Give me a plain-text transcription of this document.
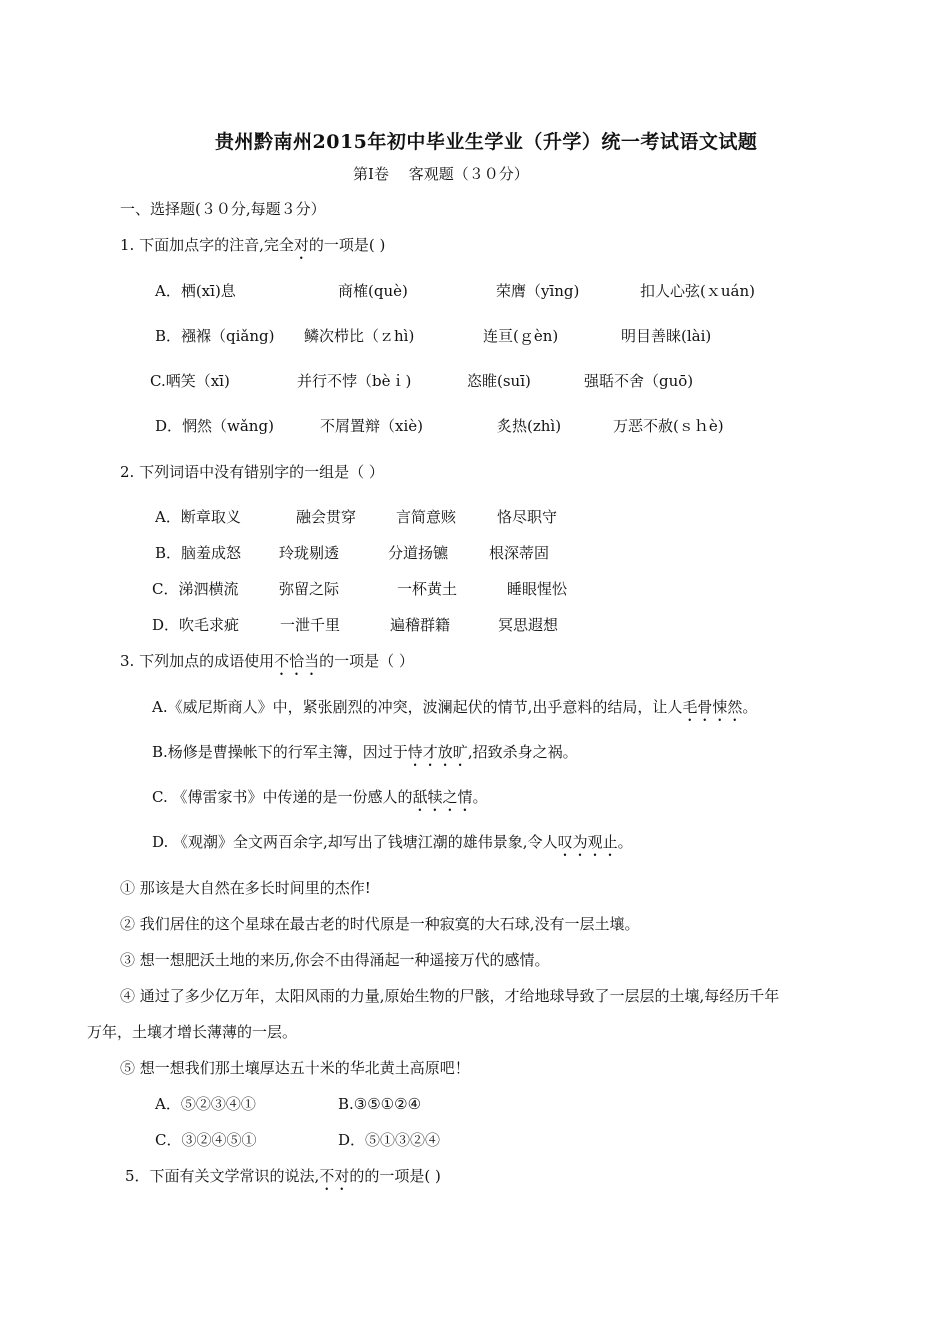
贵州黔南州2015年初中毕业生学业（升学）统一考试语文试题
第Ⅰ卷　 客观题（３０分）
一、选择题(３０分,每题３分）
1. 下面加点字的注音,完全对的一项是( )
A．栖(xī)息	商榷(què)	荣膺（yīng)	扣人心弦(ｘuán)
B．襁褓（qiǎng) 鳞次栉比（ｚhì)	连亘(ｇèn)	明目善睐(lài)
C.哂笑（xī)	并行不悖（bèｉ)	恣睢(suī)	强聒不舍（guō)
D．惘然（wǎng)	不屑置辩（xiè)	炙热(zhì)	万恶不赦(ｓｈè)
2. 下列词语中没有错别字的一组是（ ）
A．断章取义	融会贯穿	言简意赅	恪尽职守
B．脑羞成怒	玲珑剔透	分道扬镳	根深蒂固
C．涕泗横流	弥留之际	一杯黄土	睡眼惺忪
D．吹毛求疵	一泄千里	遍稽群籍	冥思遐想
3. 下列加点的成语使用不恰当的一项是（ ）
A.《威尼斯商人》中，紧张剧烈的冲突，波澜起伏的情节,出乎意料的结局，让人毛骨悚然。
B.杨修是曹操帐下的行军主簿，因过于恃才放旷,招致杀身之祸。
C. 《傅雷家书》中传递的是一份感人的舐犊之情。
D. 《观潮》全文两百余字,却写出了钱塘江潮的雄伟景象,令人叹为观止。
① 那该是大自然在多长时间里的杰作!
② 我们居住的这个星球在最古老的时代原是一种寂寞的大石球,没有一层土壤。
③ 想一想肥沃土地的来历,你会不由得涌起一种遥接万代的感情。
④ 通过了多少亿万年，太阳风雨的力量,原始生物的尸骸，才给地球导致了一层层的土壤,每经历千年
万年，土壤才增长薄薄的一层。
⑤ 想一想我们那土壤厚达五十米的华北黄土高原吧！
A．⑤②③④①	B.③⑤①②④
C．③②④⑤①	D．⑤①③②④
5．下面有关文学常识的说法,不对的的一项是( )
